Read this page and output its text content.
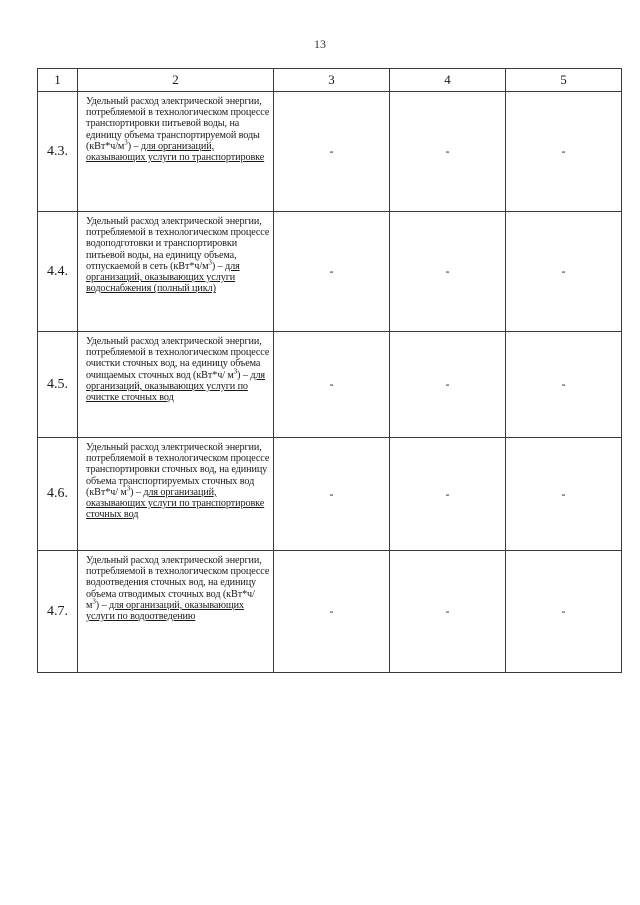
13
1	2	3	4	5
4.3.	Удельный расход электрической энергии, потребляемой в технологическом процессе транспортировки питьевой воды, на единицу объема транспортируемой воды $(кВт*ч/м^3)$ – для организаций, оказывающих услуги по транспортировке	-	-	-
4.4.	Удельный расход электрической энергии, потребляемой в технологическом процессе водоподготовки и транспортировки питьевой воды, на единицу объема, отпускаемой в сеть $(кВт*ч/м^3)$ – для организаций, оказывающих услуги водоснабжения (полный цикл)	-	-	-
4.5.	Удельный расход электрической энергии, потребляемой в технологическом процессе очистки сточных вод, на единицу объема очищаемых сточных вод (кВт*ч/ $м^3$) – для организаций, оказывающих услуги по очистке сточных вод	-	-	-
4.6.	Удельный расход электрической энергии, потребляемой в технологическом процессе транспортировки сточных вод, на единицу объема транспортируемых сточных вод (кВт*ч/ $м^3$) – для организаций, оказывающих услуги по транспортировке сточных вод	-	-	-
4.7.	Удельный расход электрической энергии, потребляемой в технологическом процессе водоотведения сточных вод, на единицу объема отводимых сточных вод (кВт*ч/ $м^3$) – для организаций, оказывающих услуги по водоотведению	-	-	-
